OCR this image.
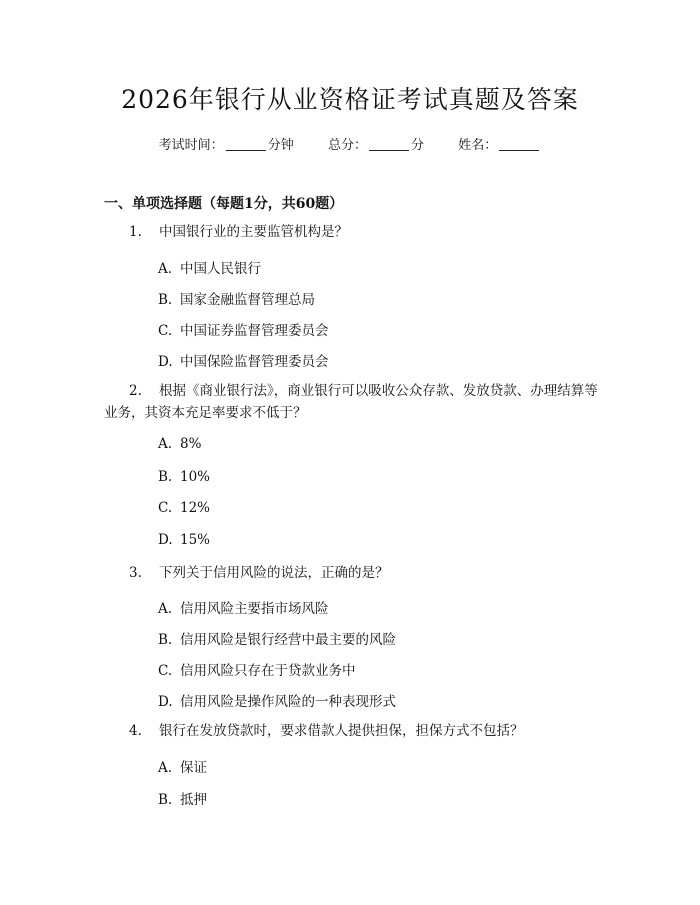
2026年银行从业资格证考试真题及答案
考试时间：	分钟	总分：	分	姓名：
一、单项选择题（每题1分，共60题）
1. 中国银行业的主要监管机构是？
A. 中国人民银行
B. 国家金融监督管理总局
C. 中国证券监督管理委员会
D. 中国保险监督管理委员会
2. 根据《商业银行法》，商业银行可以吸收公众存款、发放贷款、办理结算等业务，其资本充足率要求不低于？
A. 8%
B. 10%
C. 12%
D. 15%
3. 下列关于信用风险的说法，正确的是？
A. 信用风险主要指市场风险
B. 信用风险是银行经营中最主要的风险
C. 信用风险只存在于贷款业务中
D. 信用风险是操作风险的一种表现形式
4. 银行在发放贷款时，要求借款人提供担保，担保方式不包括？
A. 保证
B. 抵押
